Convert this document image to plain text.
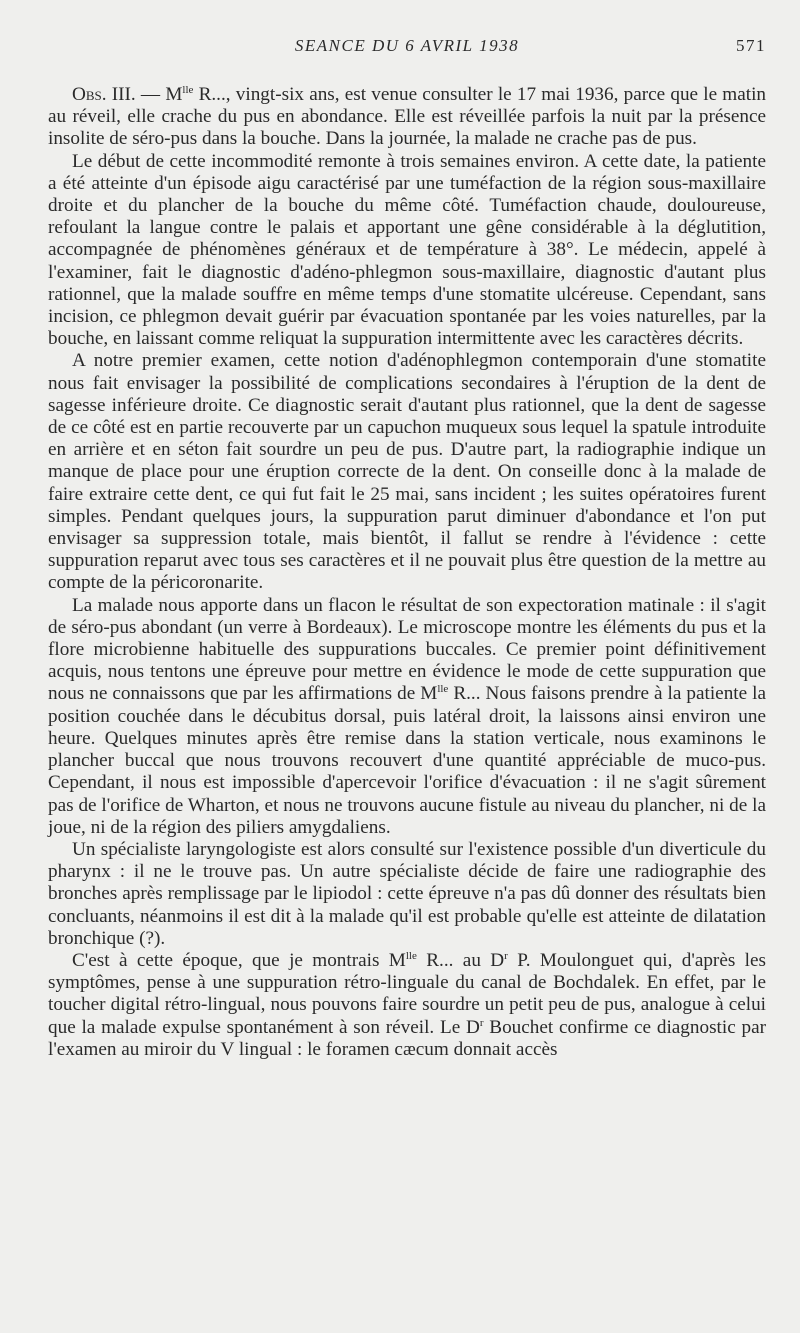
SEANCE DU 6 AVRIL 1938	571

Obs. III. — $M^{lle}$ R..., vingt-six ans, est venue consulter le 17 mai 1936, parce que le matin au réveil, elle crache du pus en abondance. Elle est réveillée parfois la nuit par la présence insolite de séro-pus dans la bouche. Dans la journée, la malade ne crache pas de pus.

Le début de cette incommodité remonte à trois semaines environ. A cette date, la patiente a été atteinte d'un épisode aigu caractérisé par une tuméfaction de la région sous-maxillaire droite et du plancher de la bouche du même côté. Tuméfaction chaude, douloureuse, refoulant la langue contre le palais et apportant une gêne considérable à la déglutition, accompagnée de phénomènes généraux et de température à 38°. Le médecin, appelé à l'examiner, fait le diagnostic d'adéno-phlegmon sous-maxillaire, diagnostic d'autant plus rationnel, que la malade souffre en même temps d'une stomatite ulcéreuse. Cependant, sans incision, ce phlegmon devait guérir par évacuation spontanée par les voies naturelles, par la bouche, en laissant comme reliquat la suppuration intermittente avec les caractères décrits.

A notre premier examen, cette notion d'adénophlegmon contemporain d'une stomatite nous fait envisager la possibilité de complications secondaires à l'éruption de la dent de sagesse inférieure droite. Ce diagnostic serait d'autant plus rationnel, que la dent de sagesse de ce côté est en partie recouverte par un capuchon muqueux sous lequel la spatule introduite en arrière et en séton fait sourdre un peu de pus. D'autre part, la radiographie indique un manque de place pour une éruption correcte de la dent. On conseille donc à la malade de faire extraire cette dent, ce qui fut fait le 25 mai, sans incident ; les suites opératoires furent simples. Pendant quelques jours, la suppuration parut diminuer d'abondance et l'on put envisager sa suppression totale, mais bientôt, il fallut se rendre à l'évidence : cette suppuration reparut avec tous ses caractères et il ne pouvait plus être question de la mettre au compte de la péricoronarite.

La malade nous apporte dans un flacon le résultat de son expectoration matinale : il s'agit de séro-pus abondant (un verre à Bordeaux). Le microscope montre les éléments du pus et la flore microbienne habituelle des suppurations buccales. Ce premier point définitivement acquis, nous tentons une épreuve pour mettre en évidence le mode de cette suppuration que nous ne connaissons que par les affirmations de $M^{lle}$ R... Nous faisons prendre à la patiente la position couchée dans le décubitus dorsal, puis latéral droit, la laissons ainsi environ une heure. Quelques minutes après être remise dans la station verticale, nous examinons le plancher buccal que nous trouvons recouvert d'une quantité appréciable de muco-pus. Cependant, il nous est impossible d'apercevoir l'orifice d'évacuation : il ne s'agit sûrement pas de l'orifice de Wharton, et nous ne trouvons aucune fistule au niveau du plancher, ni de la joue, ni de la région des piliers amygdaliens.

Un spécialiste laryngologiste est alors consulté sur l'existence possible d'un diverticule du pharynx : il ne le trouve pas. Un autre spécialiste décide de faire une radiographie des bronches après remplissage par le lipiodol : cette épreuve n'a pas dû donner des résultats bien concluants, néanmoins il est dit à la malade qu'il est probable qu'elle est atteinte de dilatation bronchique (?).

C'est à cette époque, que je montrais $M^{lle}$ R... au $D^r$ P. Moulonguet qui, d'après les symptômes, pense à une suppuration rétro-linguale du canal de Bochdalek. En effet, par le toucher digital rétro-lingual, nous pouvons faire sourdre un petit peu de pus, analogue à celui que la malade expulse spontanément à son réveil. Le $D^r$ Bouchet confirme ce diagnostic par l'examen au miroir du V lingual : le foramen cæcum donnait accès
